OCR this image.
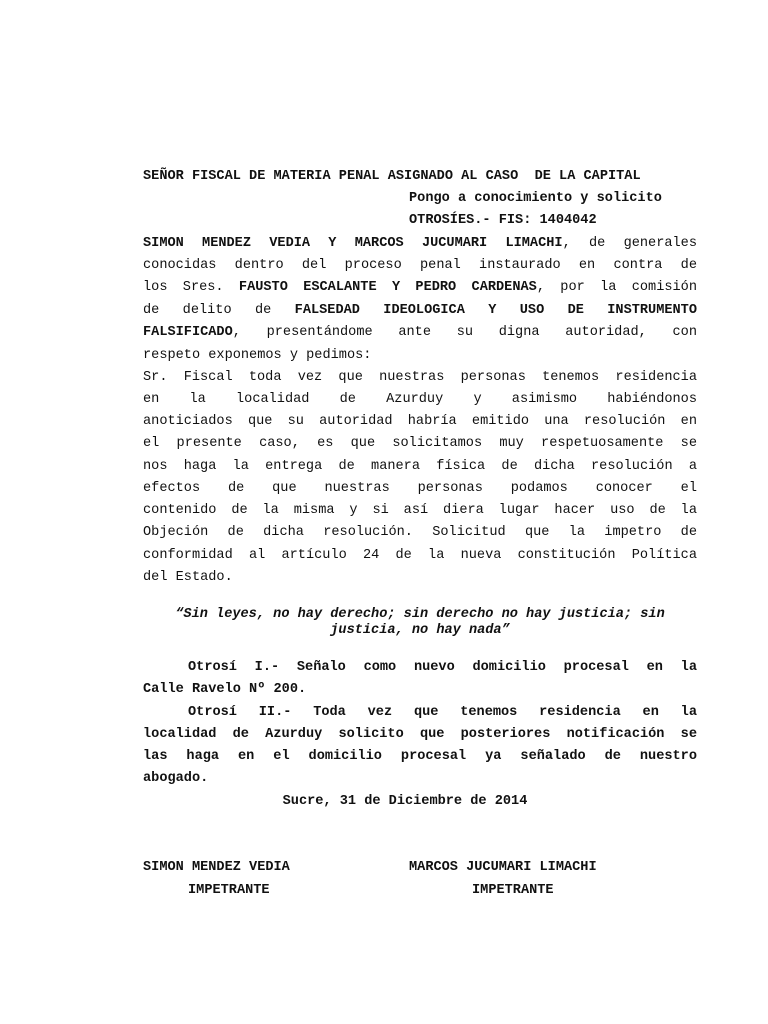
SEÑOR FISCAL DE MATERIA PENAL ASIGNADO AL CASO  DE LA CAPITAL
Pongo a conocimiento y solicito
OTROSÍES.- FIS: 1404042
SIMON MENDEZ VEDIA Y MARCOS JUCUMARI LIMACHI, de generales
conocidas dentro del proceso penal instaurado en contra de
los Sres. FAUSTO ESCALANTE Y PEDRO CARDENAS, por la comisión
de delito de FALSEDAD IDEOLOGICA Y USO DE INSTRUMENTO
FALSIFICADO, presentándome ante su digna autoridad, con
respeto exponemos y pedimos:
Sr. Fiscal toda vez que nuestras personas tenemos residencia
en la localidad de Azurduy y asimismo habiéndonos
anoticiados que su autoridad habría emitido una resolución en
el presente caso, es que solicitamos muy respetuosamente se
nos haga la entrega de manera física de dicha resolución a
efectos de que nuestras personas podamos conocer el
contenido de la misma y si así diera lugar hacer uso de la
Objeción de dicha resolución. Solicitud que la impetro de
conformidad al artículo 24 de la nueva constitución Política
del Estado.
“Sin leyes, no hay derecho; sin derecho no hay justicia; sin justicia, no hay nada”
Otrosí I.- Señalo como nuevo domicilio procesal en la
Calle Ravelo Nº 200.
Otrosí II.- Toda vez que tenemos residencia en la
localidad de Azurduy solicito que posteriores notificación se
las haga en el domicilio procesal ya señalado de nuestro
abogado.
Sucre, 31 de Diciembre de 2014
SIMON MENDEZ VEDIA	MARCOS JUCUMARI LIMACHI
IMPETRANTE	IMPETRANTE
